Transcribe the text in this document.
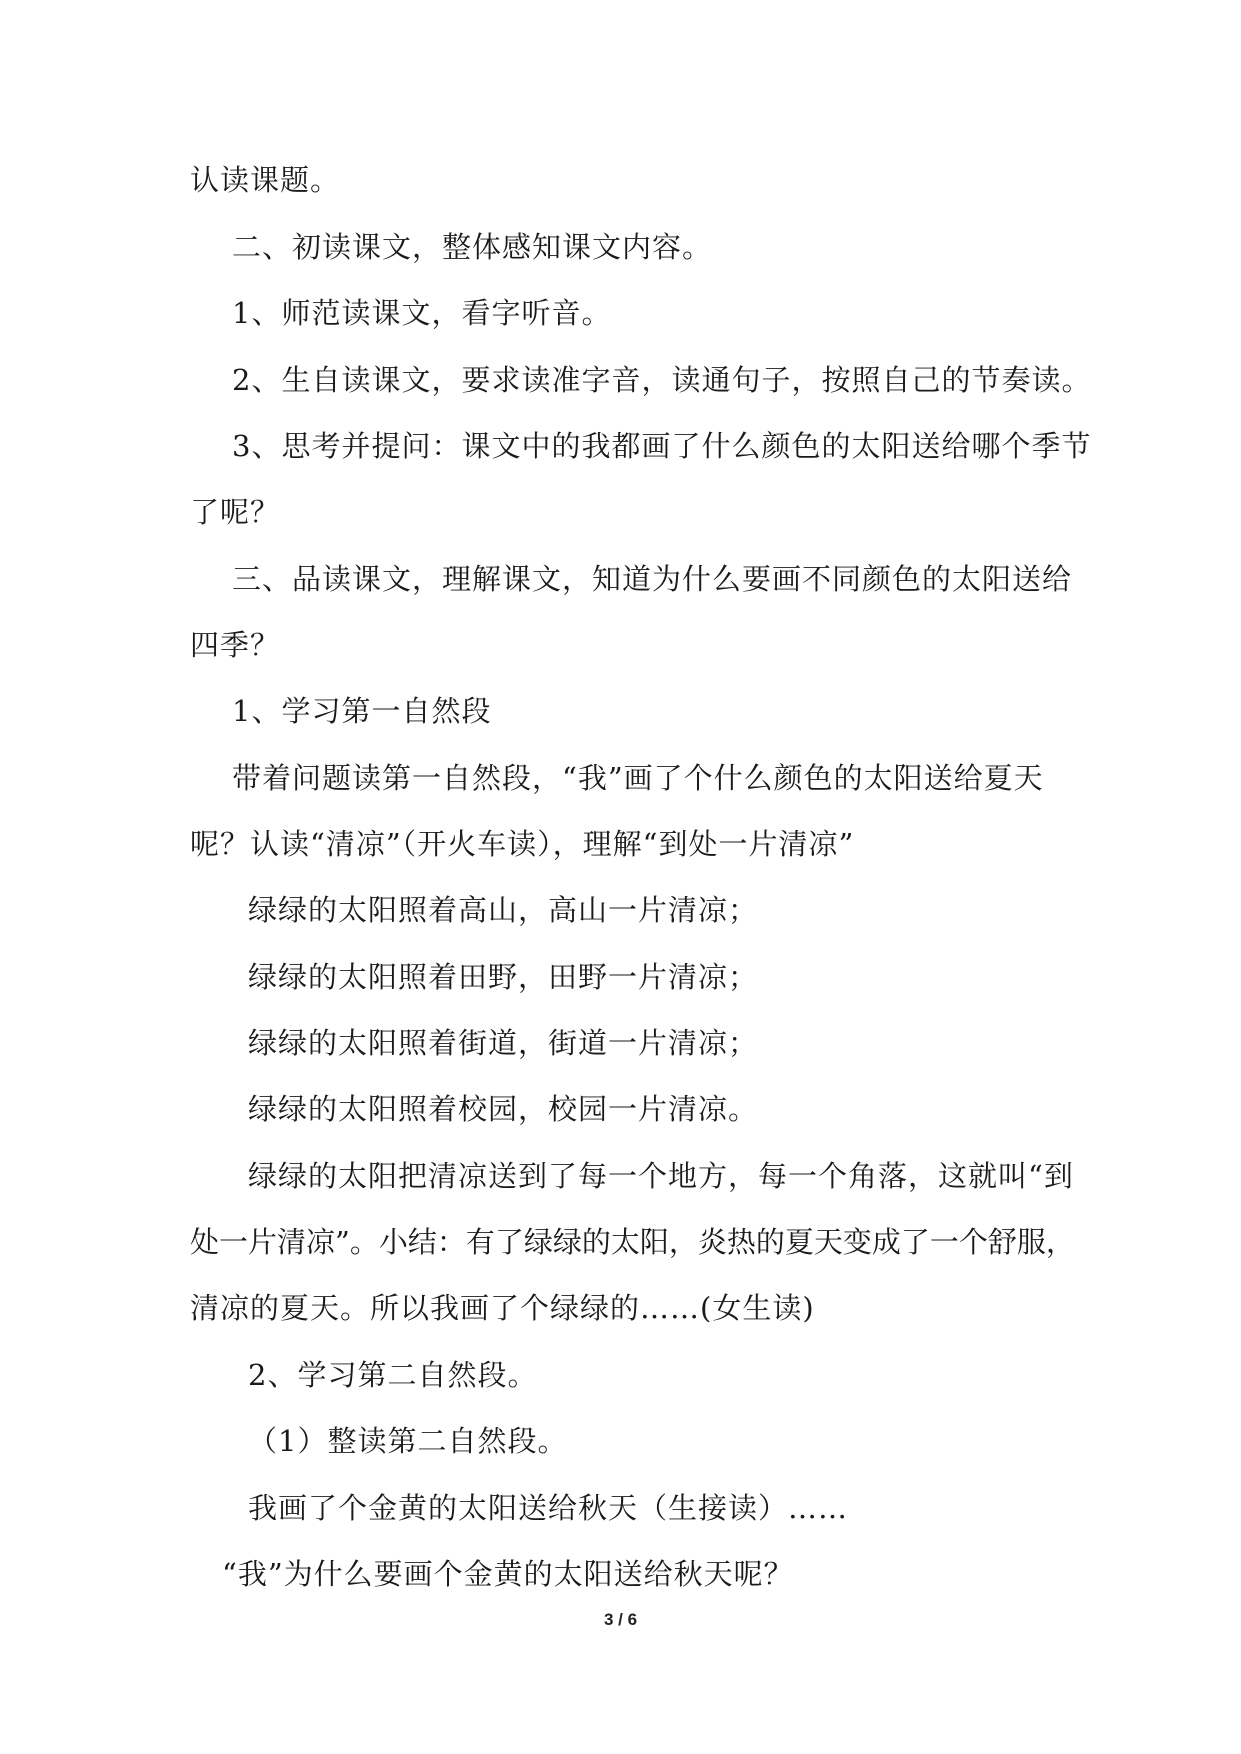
认读课题。
二、初读课文，整体感知课文内容。
1、师范读课文，看字听音。
2、生自读课文，要求读准字音，读通句子，按照自己的节奏读。
3、思考并提问：课文中的我都画了什么颜色的太阳送给哪个季节
了呢？
三、品读课文，理解课文，知道为什么要画不同颜色的太阳送给
四季？
1、学习第一自然段
带着问题读第一自然段，“我”画了个什么颜色的太阳送给夏天
呢？认读“清凉”（开火车读），理解“到处一片清凉”
绿绿的太阳照着高山，高山一片清凉；
绿绿的太阳照着田野，田野一片清凉；
绿绿的太阳照着街道，街道一片清凉；
绿绿的太阳照着校园，校园一片清凉。
绿绿的太阳把清凉送到了每一个地方，每一个角落，这就叫“到
处一片清凉”。小结：有了绿绿的太阳，炎热的夏天变成了一个舒服，
清凉的夏天。所以我画了个绿绿的……(女生读)
2、学习第二自然段。
（1）整读第二自然段。
我画了个金黄的太阳送给秋天（生接读）……
“我”为什么要画个金黄的太阳送给秋天呢？
3 / 6
